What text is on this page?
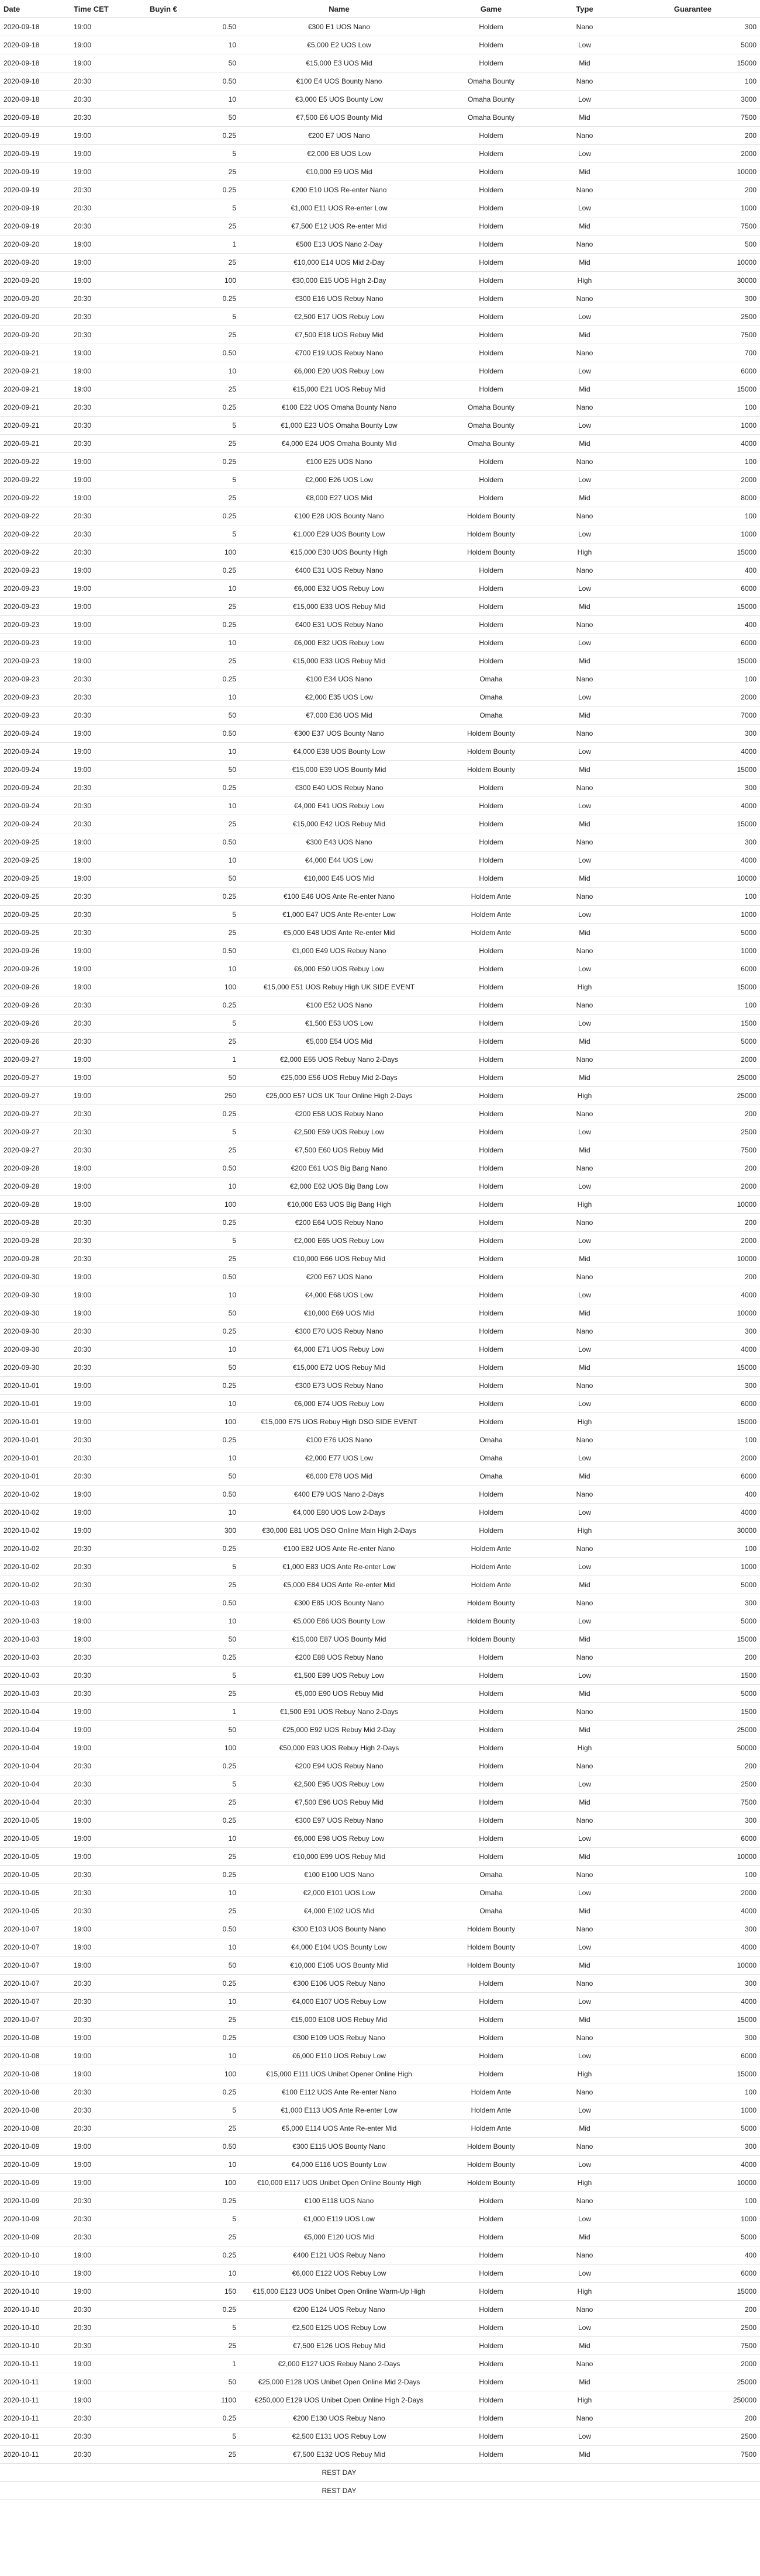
Date	Time CET	Buyin €	Name	Game	Type	Guarantee
2020-09-18	19:00	0.50	€300 E1 UOS Nano	Holdem	Nano	300
2020-09-18	19:00	10	€5,000 E2 UOS Low	Holdem	Low	5000
2020-09-18	19:00	50	€15,000 E3 UOS Mid	Holdem	Mid	15000
2020-09-18	20:30	0.50	€100 E4 UOS Bounty Nano	Omaha Bounty	Nano	100
2020-09-18	20:30	10	€3,000 E5 UOS Bounty Low	Omaha Bounty	Low	3000
2020-09-18	20:30	50	€7,500 E6 UOS Bounty Mid	Omaha Bounty	Mid	7500
2020-09-19	19:00	0.25	€200 E7 UOS Nano	Holdem	Nano	200
2020-09-19	19:00	5	€2,000 E8 UOS Low	Holdem	Low	2000
2020-09-19	19:00	25	€10,000 E9 UOS Mid	Holdem	Mid	10000
2020-09-19	20:30	0.25	€200 E10 UOS Re-enter Nano	Holdem	Nano	200
2020-09-19	20:30	5	€1,000 E11 UOS Re-enter Low	Holdem	Low	1000
2020-09-19	20:30	25	€7,500 E12 UOS Re-enter Mid	Holdem	Mid	7500
2020-09-20	19:00	1	€500 E13 UOS Nano 2-Day	Holdem	Nano	500
2020-09-20	19:00	25	€10,000 E14 UOS Mid 2-Day	Holdem	Mid	10000
2020-09-20	19:00	100	€30,000 E15 UOS High 2-Day	Holdem	High	30000
2020-09-20	20:30	0.25	€300 E16 UOS Rebuy Nano	Holdem	Nano	300
2020-09-20	20:30	5	€2,500 E17 UOS Rebuy Low	Holdem	Low	2500
2020-09-20	20:30	25	€7,500 E18 UOS Rebuy Mid	Holdem	Mid	7500
2020-09-21	19:00	0.50	€700 E19 UOS Rebuy Nano	Holdem	Nano	700
2020-09-21	19:00	10	€6,000 E20 UOS Rebuy Low	Holdem	Low	6000
2020-09-21	19:00	25	€15,000 E21 UOS Rebuy Mid	Holdem	Mid	15000
2020-09-21	20:30	0.25	€100 E22 UOS Omaha Bounty Nano	Omaha Bounty	Nano	100
2020-09-21	20:30	5	€1,000 E23 UOS Omaha Bounty Low	Omaha Bounty	Low	1000
2020-09-21	20:30	25	€4,000 E24 UOS Omaha Bounty Mid	Omaha Bounty	Mid	4000
2020-09-22	19:00	0.25	€100 E25 UOS Nano	Holdem	Nano	100
2020-09-22	19:00	5	€2,000 E26 UOS Low	Holdem	Low	2000
2020-09-22	19:00	25	€8,000 E27 UOS Mid	Holdem	Mid	8000
2020-09-22	20:30	0.25	€100 E28 UOS Bounty Nano	Holdem Bounty	Nano	100
2020-09-22	20:30	5	€1,000 E29 UOS Bounty Low	Holdem Bounty	Low	1000
2020-09-22	20:30	100	€15,000 E30 UOS Bounty High	Holdem Bounty	High	15000
2020-09-23	19:00	0.25	€400 E31 UOS Rebuy Nano	Holdem	Nano	400
2020-09-23	19:00	10	€6,000 E32 UOS Rebuy Low	Holdem	Low	6000
2020-09-23	19:00	25	€15,000 E33 UOS Rebuy Mid	Holdem	Mid	15000
2020-09-23	19:00	0.25	€400 E31 UOS Rebuy Nano	Holdem	Nano	400
2020-09-23	19:00	10	€6,000 E32 UOS Rebuy Low	Holdem	Low	6000
2020-09-23	19:00	25	€15,000 E33 UOS Rebuy Mid	Holdem	Mid	15000
2020-09-23	20:30	0.25	€100 E34 UOS Nano	Omaha	Nano	100
2020-09-23	20:30	10	€2,000 E35 UOS Low	Omaha	Low	2000
2020-09-23	20:30	50	€7,000 E36 UOS Mid	Omaha	Mid	7000
2020-09-24	19:00	0.50	€300 E37 UOS Bounty Nano	Holdem Bounty	Nano	300
2020-09-24	19:00	10	€4,000 E38 UOS Bounty Low	Holdem Bounty	Low	4000
2020-09-24	19:00	50	€15,000 E39 UOS Bounty Mid	Holdem Bounty	Mid	15000
2020-09-24	20:30	0.25	€300 E40 UOS Rebuy Nano	Holdem	Nano	300
2020-09-24	20:30	10	€4,000 E41 UOS Rebuy Low	Holdem	Low	4000
2020-09-24	20:30	25	€15,000 E42 UOS Rebuy Mid	Holdem	Mid	15000
2020-09-25	19:00	0.50	€300 E43 UOS Nano	Holdem	Nano	300
2020-09-25	19:00	10	€4,000 E44 UOS Low	Holdem	Low	4000
2020-09-25	19:00	50	€10,000 E45 UOS Mid	Holdem	Mid	10000
2020-09-25	20:30	0.25	€100 E46 UOS Ante Re-enter Nano	Holdem Ante	Nano	100
2020-09-25	20:30	5	€1,000 E47 UOS Ante Re-enter Low	Holdem Ante	Low	1000
2020-09-25	20:30	25	€5,000 E48 UOS Ante Re-enter Mid	Holdem Ante	Mid	5000
2020-09-26	19:00	0.50	€1,000 E49 UOS Rebuy Nano	Holdem	Nano	1000
2020-09-26	19:00	10	€6,000 E50 UOS Rebuy Low	Holdem	Low	6000
2020-09-26	19:00	100	€15,000 E51 UOS Rebuy High UK SIDE EVENT	Holdem	High	15000
2020-09-26	20:30	0.25	€100 E52 UOS Nano	Holdem	Nano	100
2020-09-26	20:30	5	€1,500 E53 UOS Low	Holdem	Low	1500
2020-09-26	20:30	25	€5,000 E54 UOS Mid	Holdem	Mid	5000
2020-09-27	19:00	1	€2,000 E55 UOS Rebuy Nano 2-Days	Holdem	Nano	2000
2020-09-27	19:00	50	€25,000 E56 UOS Rebuy Mid 2-Days	Holdem	Mid	25000
2020-09-27	19:00	250	€25,000 E57 UOS UK Tour Online High 2-Days	Holdem	High	25000
2020-09-27	20:30	0.25	€200 E58 UOS Rebuy Nano	Holdem	Nano	200
2020-09-27	20:30	5	€2,500 E59 UOS Rebuy Low	Holdem	Low	2500
2020-09-27	20:30	25	€7,500 E60 UOS Rebuy Mid	Holdem	Mid	7500
2020-09-28	19:00	0.50	€200 E61 UOS Big Bang Nano	Holdem	Nano	200
2020-09-28	19:00	10	€2,000 E62 UOS Big Bang Low	Holdem	Low	2000
2020-09-28	19:00	100	€10,000 E63 UOS Big Bang High	Holdem	High	10000
2020-09-28	20:30	0.25	€200 E64 UOS Rebuy Nano	Holdem	Nano	200
2020-09-28	20:30	5	€2,000 E65 UOS Rebuy Low	Holdem	Low	2000
2020-09-28	20:30	25	€10,000 E66 UOS Rebuy Mid	Holdem	Mid	10000
2020-09-30	19:00	0.50	€200 E67 UOS Nano	Holdem	Nano	200
2020-09-30	19:00	10	€4,000 E68 UOS Low	Holdem	Low	4000
2020-09-30	19:00	50	€10,000 E69 UOS Mid	Holdem	Mid	10000
2020-09-30	20:30	0.25	€300 E70 UOS Rebuy Nano	Holdem	Nano	300
2020-09-30	20:30	10	€4,000 E71 UOS Rebuy Low	Holdem	Low	4000
2020-09-30	20:30	50	€15,000 E72 UOS Rebuy Mid	Holdem	Mid	15000
2020-10-01	19:00	0.25	€300 E73 UOS Rebuy Nano	Holdem	Nano	300
2020-10-01	19:00	10	€6,000 E74 UOS Rebuy Low	Holdem	Low	6000
2020-10-01	19:00	100	€15,000 E75 UOS Rebuy High DSO SIDE EVENT	Holdem	High	15000
2020-10-01	20:30	0.25	€100 E76 UOS Nano	Omaha	Nano	100
2020-10-01	20:30	10	€2,000 E77 UOS Low	Omaha	Low	2000
2020-10-01	20:30	50	€6,000 E78 UOS Mid	Omaha	Mid	6000
2020-10-02	19:00	0.50	€400 E79 UOS Nano 2-Days	Holdem	Nano	400
2020-10-02	19:00	10	€4,000 E80 UOS Low 2-Days	Holdem	Low	4000
2020-10-02	19:00	300	€30,000 E81 UOS DSO Online Main High 2-Days	Holdem	High	30000
2020-10-02	20:30	0.25	€100 E82 UOS Ante Re-enter Nano	Holdem Ante	Nano	100
2020-10-02	20:30	5	€1,000 E83 UOS Ante Re-enter Low	Holdem Ante	Low	1000
2020-10-02	20:30	25	€5,000 E84 UOS Ante Re-enter Mid	Holdem Ante	Mid	5000
2020-10-03	19:00	0.50	€300 E85 UOS Bounty Nano	Holdem Bounty	Nano	300
2020-10-03	19:00	10	€5,000 E86 UOS Bounty Low	Holdem Bounty	Low	5000
2020-10-03	19:00	50	€15,000 E87 UOS Bounty Mid	Holdem Bounty	Mid	15000
2020-10-03	20:30	0.25	€200 E88 UOS Rebuy Nano	Holdem	Nano	200
2020-10-03	20:30	5	€1,500 E89 UOS Rebuy Low	Holdem	Low	1500
2020-10-03	20:30	25	€5,000 E90 UOS Rebuy Mid	Holdem	Mid	5000
2020-10-04	19:00	1	€1,500 E91 UOS Rebuy Nano 2-Days	Holdem	Nano	1500
2020-10-04	19:00	50	€25,000 E92 UOS Rebuy Mid 2-Day	Holdem	Mid	25000
2020-10-04	19:00	100	€50,000 E93 UOS Rebuy High 2-Days	Holdem	High	50000
2020-10-04	20:30	0.25	€200 E94 UOS Rebuy Nano	Holdem	Nano	200
2020-10-04	20:30	5	€2,500 E95 UOS Rebuy Low	Holdem	Low	2500
2020-10-04	20:30	25	€7,500 E96 UOS Rebuy Mid	Holdem	Mid	7500
2020-10-05	19:00	0.25	€300 E97 UOS Rebuy Nano	Holdem	Nano	300
2020-10-05	19:00	10	€6,000 E98 UOS Rebuy Low	Holdem	Low	6000
2020-10-05	19:00	25	€10,000 E99 UOS Rebuy Mid	Holdem	Mid	10000
2020-10-05	20:30	0.25	€100 E100 UOS Nano	Omaha	Nano	100
2020-10-05	20:30	10	€2,000 E101 UOS Low	Omaha	Low	2000
2020-10-05	20:30	25	€4,000 E102 UOS Mid	Omaha	Mid	4000
2020-10-07	19:00	0.50	€300 E103 UOS Bounty Nano	Holdem Bounty	Nano	300
2020-10-07	19:00	10	€4,000 E104 UOS Bounty Low	Holdem Bounty	Low	4000
2020-10-07	19:00	50	€10,000 E105 UOS Bounty Mid	Holdem Bounty	Mid	10000
2020-10-07	20:30	0.25	€300 E106 UOS Rebuy Nano	Holdem	Nano	300
2020-10-07	20:30	10	€4,000 E107 UOS Rebuy Low	Holdem	Low	4000
2020-10-07	20:30	25	€15,000 E108 UOS Rebuy Mid	Holdem	Mid	15000
2020-10-08	19:00	0.25	€300 E109 UOS Rebuy Nano	Holdem	Nano	300
2020-10-08	19:00	10	€6,000 E110 UOS Rebuy Low	Holdem	Low	6000
2020-10-08	19:00	100	€15,000 E111 UOS Unibet Opener Online High	Holdem	High	15000
2020-10-08	20:30	0.25	€100 E112 UOS Ante Re-enter Nano	Holdem Ante	Nano	100
2020-10-08	20:30	5	€1,000 E113 UOS Ante Re-enter Low	Holdem Ante	Low	1000
2020-10-08	20:30	25	€5,000 E114 UOS Ante Re-enter Mid	Holdem Ante	Mid	5000
2020-10-09	19:00	0.50	€300 E115 UOS Bounty Nano	Holdem Bounty	Nano	300
2020-10-09	19:00	10	€4,000 E116 UOS Bounty Low	Holdem Bounty	Low	4000
2020-10-09	19:00	100	€10,000 E117 UOS Unibet Open Online Bounty High	Holdem Bounty	High	10000
2020-10-09	20:30	0.25	€100 E118 UOS Nano	Holdem	Nano	100
2020-10-09	20:30	5	€1,000 E119 UOS Low	Holdem	Low	1000
2020-10-09	20:30	25	€5,000 E120 UOS Mid	Holdem	Mid	5000
2020-10-10	19:00	0.25	€400 E121 UOS Rebuy Nano	Holdem	Nano	400
2020-10-10	19:00	10	€6,000 E122 UOS Rebuy Low	Holdem	Low	6000
2020-10-10	19:00	150	€15,000 E123 UOS Unibet Open Online Warm-Up High	Holdem	High	15000
2020-10-10	20:30	0.25	€200 E124 UOS Rebuy Nano	Holdem	Nano	200
2020-10-10	20:30	5	€2,500 E125 UOS Rebuy Low	Holdem	Low	2500
2020-10-10	20:30	25	€7,500 E126 UOS Rebuy Mid	Holdem	Mid	7500
2020-10-11	19:00	1	€2,000 E127 UOS Rebuy Nano 2-Days	Holdem	Nano	2000
2020-10-11	19:00	50	€25,000 E128 UOS Unibet Open Online Mid 2-Days	Holdem	Mid	25000
2020-10-11	19:00	1100	€250,000 E129 UOS Unibet Open Online High 2-Days	Holdem	High	250000
2020-10-11	20:30	0.25	€200 E130 UOS Rebuy Nano	Holdem	Nano	200
2020-10-11	20:30	5	€2,500 E131 UOS Rebuy Low	Holdem	Low	2500
2020-10-11	20:30	25	€7,500 E132 UOS Rebuy Mid	Holdem	Mid	7500
			REST DAY			
			REST DAY			
